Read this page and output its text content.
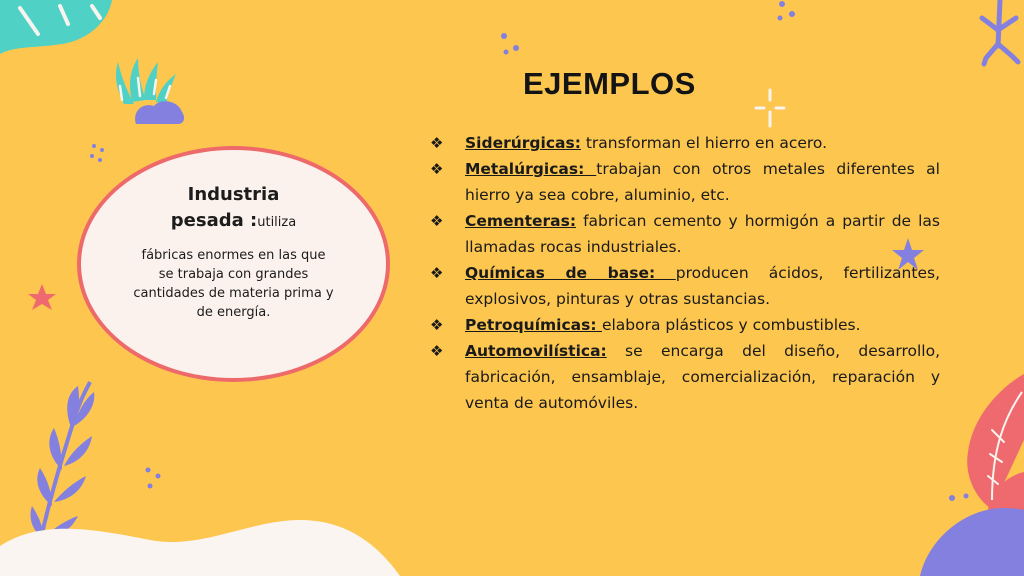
EJEMPLOS
Industria
pesada :utiliza
fábricas enormes en las que se trabaja con grandes cantidades de materia prima y de energía.
❖	Siderúrgicas: transforman el hierro en acero.
❖	Metalúrgicas: trabajan con otros metales diferentes al hierro ya sea cobre, aluminio, etc.
❖	Cementeras: fabrican cemento y hormigón a partir de las llamadas rocas industriales.
❖	Químicas de base: producen ácidos, fertilizantes, explosivos, pinturas y otras sustancias.
❖	Petroquímicas: elabora plásticos y combustibles.
❖	Automovilística: se encarga del diseño, desarrollo, fabricación, ensamblaje, comercialización, reparación y venta de automóviles.
